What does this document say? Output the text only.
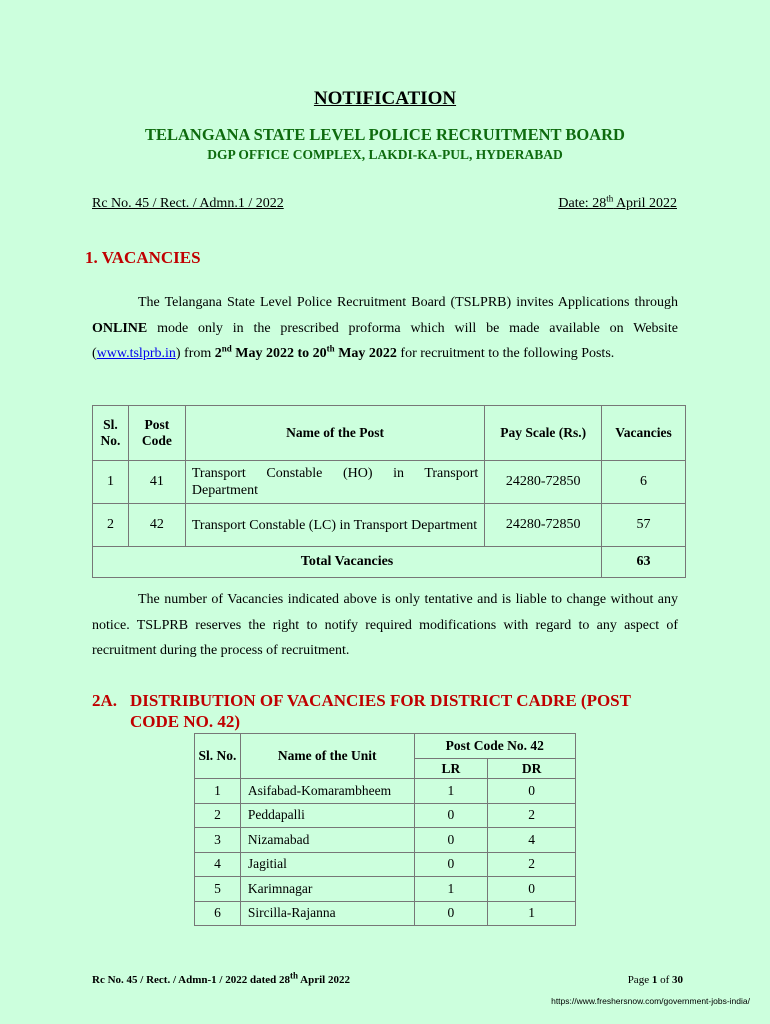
NOTIFICATION
TELANGANA STATE LEVEL POLICE RECRUITMENT BOARD
DGP OFFICE COMPLEX, LAKDI-KA-PUL, HYDERABAD
Rc No. 45 / Rect. / Admn.1 / 2022	Date: 28th April 2022
1. VACANCIES
The Telangana State Level Police Recruitment Board (TSLPRB) invites Applications through ONLINE mode only in the prescribed proforma which will be made available on Website (www.tslprb.in) from 2nd May 2022 to 20th May 2022 for recruitment to the following Posts.
Sl. No.	Post Code	Name of the Post	Pay Scale (Rs.)	Vacancies
1	41	Transport Constable (HO) in Transport Department	24280-72850	6
2	42	Transport Constable (LC) in Transport Department	24280-72850	57
Total Vacancies				63
The number of Vacancies indicated above is only tentative and is liable to change without any notice. TSLPRB reserves the right to notify required modifications with regard to any aspect of recruitment during the process of recruitment.
2A. DISTRIBUTION OF VACANCIES FOR DISTRICT CADRE (POST
CODE NO. 42)
Sl. No.	Name of the Unit	Post Code No. 42	
		LR	DR
1	Asifabad-Komarambheem	1	0
2	Peddapalli	0	2
3	Nizamabad	0	4
4	Jagitial	0	2
5	Karimnagar	1	0
6	Sircilla-Rajanna	0	1
Rc No. 45 / Rect. / Admn-1 / 2022 dated 28th April 2022	Page 1 of 30
https://www.freshersnow.com/government-jobs-india/
